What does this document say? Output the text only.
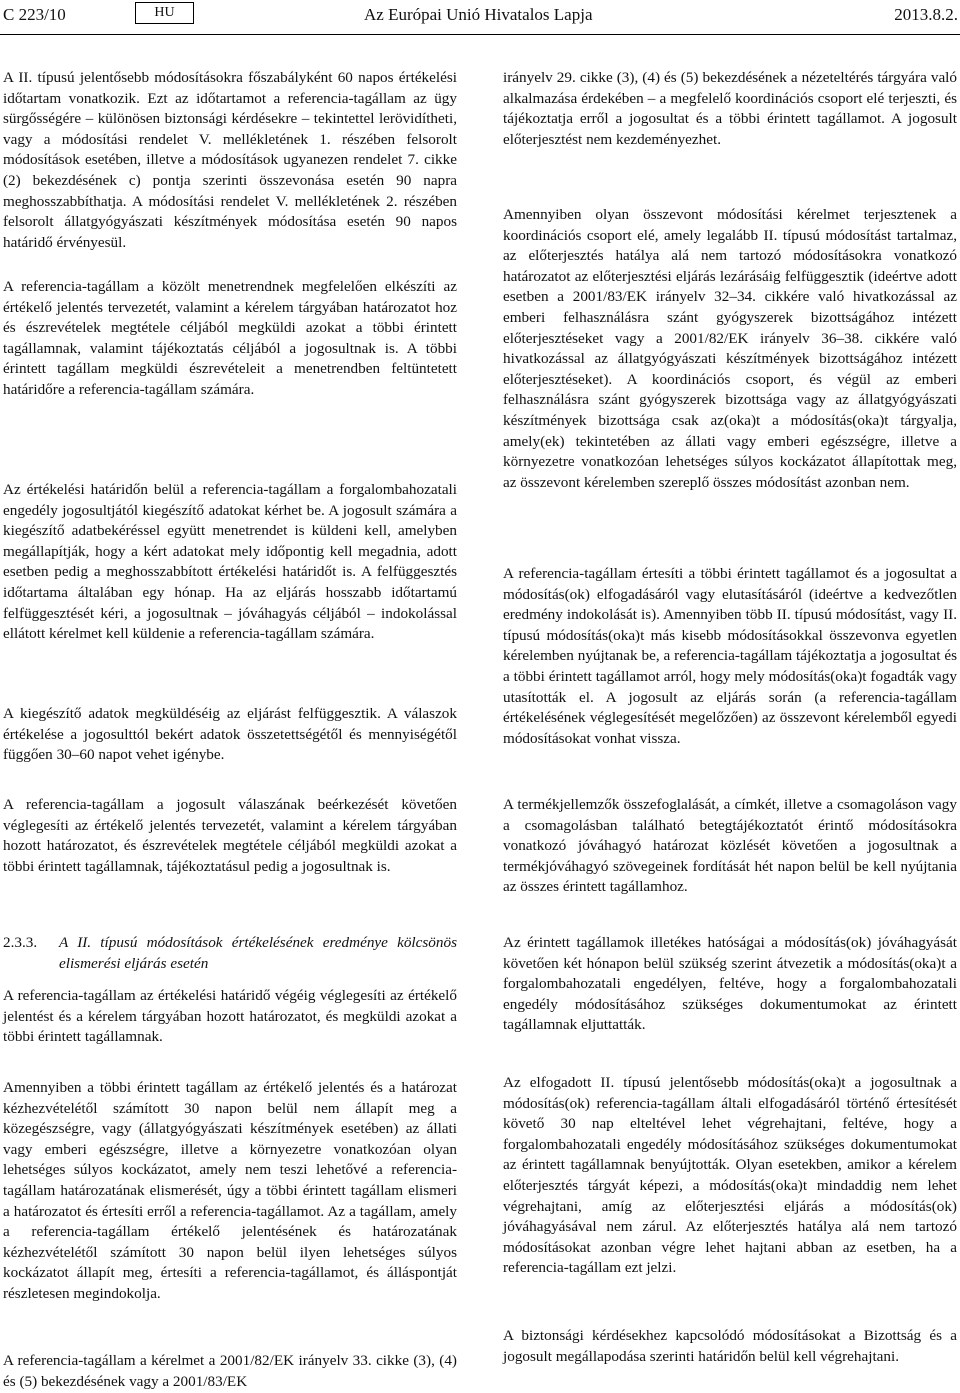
C 223/10	HU	Az Európai Unió Hivatalos Lapja	2013.8.2.

A II. típusú jelentősebb módosításokra főszabályként 60 napos értékelési időtartam vonatkozik. Ezt az időtartamot a referencia-tagállam az ügy sürgősségére – különösen biztonsági kérdésekre – tekintettel lerövidítheti, vagy a módosítási rendelet V. mellékletének 1. részében felsorolt módosítások esetében, illetve a módosítások ugyanezen rendelet 7. cikke (2) bekezdésének c) pontja szerinti összevonása esetén 90 napra meghosszabbíthatja. A módosítási rendelet V. mellékletének 2. részében felsorolt állatgyógyászati készítmények módosítása esetén 90 napos határidő érvényesül.

A referencia-tagállam a közölt menetrendnek megfelelően elkészíti az értékelő jelentés tervezetét, valamint a kérelem tárgyában határozatot hoz és észrevételek megtétele céljából megküldi azokat a többi érintett tagállamnak, valamint tájékoztatás céljából a jogosultnak is. A többi érintett tagállam megküldi észrevételeit a menetrendben feltüntetett határidőre a referencia-tagállam számára.

Az értékelési határidőn belül a referencia-tagállam a forgalombahozatali engedély jogosultjától kiegészítő adatokat kérhet be. A jogosult számára a kiegészítő adatbekéréssel együtt menetrendet is küldeni kell, amelyben megállapítják, hogy a kért adatokat mely időpontig kell megadnia, adott esetben pedig a meghosszabbított értékelési határidőt is. A felfüggesztés időtartama általában egy hónap. Ha az eljárás hosszabb időtartamú felfüggesztését kéri, a jogosultnak – jóváhagyás céljából – indokolással ellátott kérelmet kell küldenie a referencia-tagállam számára.

A kiegészítő adatok megküldéséig az eljárást felfüggesztik. A válaszok értékelése a jogosulttól bekért adatok összetettségétől és mennyiségétől függően 30–60 napot vehet igénybe.

A referencia-tagállam a jogosult válaszának beérkezését követően véglegesíti az értékelő jelentés tervezetét, valamint a kérelem tárgyában hozott határozatot, és észrevételek megtétele céljából megküldi azokat a többi érintett tagállamnak, tájékoztatásul pedig a jogosultnak is.

2.3.3.	A II. típusú módosítások értékelésének eredménye kölcsönös elismerési eljárás esetén

A referencia-tagállam az értékelési határidő végéig véglegesíti az értékelő jelentést és a kérelem tárgyában hozott határozatot, és megküldi azokat a többi érintett tagállamnak.

Amennyiben a többi érintett tagállam az értékelő jelentés és a határozat kézhezvételétől számított 30 napon belül nem állapít meg a közegészségre, vagy (állatgyógyászati készítmények esetében) az állati vagy emberi egészségre, illetve a környezetre vonatkozóan olyan lehetséges súlyos kockázatot, amely nem teszi lehetővé a referencia-tagállam határozatának elismerését, úgy a többi érintett tagállam elismeri a határozatot és értesíti erről a referencia-tagállamot. Az a tagállam, amely a referencia-tagállam értékelő jelentésének és határozatának kézhezvételétől számított 30 napon belül ilyen lehetséges súlyos kockázatot állapít meg, értesíti a referencia-tagállamot, és álláspontját részletesen megindokolja.

A referencia-tagállam a kérelmet a 2001/82/EK irányelv 33. cikke (3), (4) és (5) bekezdésének vagy a 2001/83/EK

irányelv 29. cikke (3), (4) és (5) bekezdésének a nézeteltérés tárgyára való alkalmazása érdekében – a megfelelő koordinációs csoport elé terjeszti, és tájékoztatja erről a jogosultat és a többi érintett tagállamot. A jogosult előterjesztést nem kezdeményezhet.

Amennyiben olyan összevont módosítási kérelmet terjesztenek a koordinációs csoport elé, amely legalább II. típusú módosítást tartalmaz, az előterjesztés hatálya alá nem tartozó módosításokra vonatkozó határozatot az előterjesztési eljárás lezárásáig felfüggesztik (ideértve adott esetben a 2001/83/EK irányelv 32–34. cikkére való hivatkozással az emberi felhasználásra szánt gyógyszerek bizottságához intézett előterjesztéseket vagy a 2001/82/EK irányelv 36–38. cikkére való hivatkozással az állatgyógyászati készítmények bizottságához intézett előterjesztéseket). A koordinációs csoport, és végül az emberi felhasználásra szánt gyógyszerek bizottsága vagy az állatgyógyászati készítmények bizottsága csak az(oka)t a módosítás(oka)t tárgyalja, amely(ek) tekintetében az állati vagy emberi egészségre, illetve a környezetre vonatkozóan lehetséges súlyos kockázatot állapítottak meg, az összevont kérelemben szereplő összes módosítást azonban nem.

A referencia-tagállam értesíti a többi érintett tagállamot és a jogosultat a módosítás(ok) elfogadásáról vagy elutasításáról (ideértve a kedvezőtlen eredmény indokolását is). Amennyiben több II. típusú módosítást, vagy II. típusú módosítás(oka)t más kisebb módosításokkal összevonva egyetlen kérelemben nyújtanak be, a referencia-tagállam tájékoztatja a jogosultat és a többi érintett tagállamot arról, hogy mely módosítás(oka)t fogadták vagy utasították el. A jogosult az eljárás során (a referencia-tagállam értékelésének véglegesítését megelőzően) az összevont kérelemből egyedi módosításokat vonhat vissza.

A termékjellemzők összefoglalását, a címkét, illetve a csomagoláson vagy a csomagolásban található betegtájékoztatót érintő módosításokra vonatkozó jóváhagyó határozat közlését követően a jogosultnak a termékjóváhagyó szövegeinek fordítását hét napon belül be kell nyújtania az összes érintett tagállamhoz.

Az érintett tagállamok illetékes hatóságai a módosítás(ok) jóváhagyását követően két hónapon belül szükség szerint átvezetik a módosítás(oka)t a forgalombahozatali engedélyen, feltéve, hogy a forgalombahozatali engedély módosításához szükséges dokumentumokat az érintett tagállamnak eljuttatták.

Az elfogadott II. típusú jelentősebb módosítás(oka)t a jogosultnak a módosítás(ok) referencia-tagállam általi elfogadásáról történő értesítését követő 30 nap elteltével lehet végrehajtani, feltéve, hogy a forgalombahozatali engedély módosításához szükséges dokumentumokat az érintett tagállamnak benyújtották. Olyan esetekben, amikor a kérelem előterjesztés tárgyát képezi, a módosítás(oka)t mindaddig nem lehet végrehajtani, amíg az előterjesztési eljárás a módosítás(ok) jóváhagyásával nem zárul. Az előterjesztés hatálya alá nem tartozó módosításokat azonban végre lehet hajtani abban az esetben, ha a referencia-tagállam ezt jelzi.

A biztonsági kérdésekhez kapcsolódó módosításokat a Bizottság és a jogosult megállapodása szerinti határidőn belül kell végrehajtani.
